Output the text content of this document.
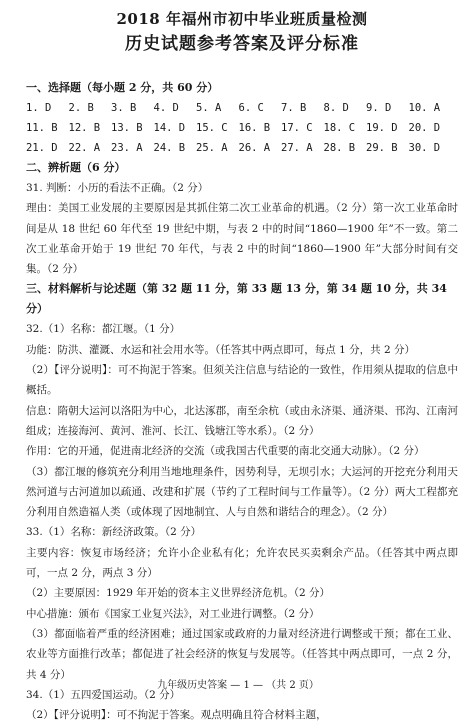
2018 年福州市初中毕业班质量检测
历史试题参考答案及评分标准
一、选择题（每小题 2 分，共 60 分）
1. D	2. B	3. B	4. D	5. A	6. C	7. B	8. D	9. D	10. A
11. B	12. B	13. B	14. D	15. C	16. B	17. C	18. C	19. D	20. D
21. D	22. A	23. A	24. B	25. A	26. A	27. A	28. B	29. B	30. D
二、辨析题（6 分）

31. 判断：小历的看法不正确。（2 分）

理由：美国工业发展的主要原因是其抓住第二次工业革命的机遇。（2 分）第一次工业革命时间是从 18 世纪 60 年代至 19 世纪中期，与表 2 中的时间“1860—1900 年”不一致。第二次工业革命开始于 19 世纪 70 年代，与表 2 中的时间“1860—1900 年”大部分时间有交集。（2 分）

三、材料解析与论述题（第 32 题 11 分，第 33 题 13 分，第 34 题 10 分，共 34 分）

32.（1）名称：都江堰。（1 分）

功能：防洪、灌溉、水运和社会用水等。（任答其中两点即可，每点 1 分，共 2 分）

（2）【评分说明】：可不拘泥于答案。但须关注信息与结论的一致性，作用须从提取的信息中概括。

信息：隋朝大运河以洛阳为中心，北达涿郡，南至余杭（或由永济渠、通济渠、邗沟、江南河组成；连接海河、黄河、淮河、长江、钱塘江等水系）。（2 分）

作用：它的开通，促进南北经济的交流（或我国古代重要的南北交通大动脉）。（2 分）

（3）都江堰的修筑充分利用当地地理条件，因势利导，无坝引水；大运河的开挖充分利用天然河道与古河道加以疏通、改建和扩展（节约了工程时间与工作量等）。（2 分）两大工程都充分利用自然造福人类（或体现了因地制宜、人与自然和谐结合的理念）。（2 分）

33.（1）名称：新经济政策。（2 分）

主要内容：恢复市场经济；允许小企业私有化；允许农民买卖剩余产品。（任答其中两点即可，一点 2 分，两点 3 分）

（2）主要原因：1929 年开始的资本主义世界经济危机。（2 分）

中心措施：颁布《国家工业复兴法》，对工业进行调整。（2 分）

（3）都面临着严重的经济困难；通过国家或政府的力量对经济进行调整或干预；都在工业、农业等方面推行改革；都促进了社会经济的恢复与发展等。（任答其中两点即可，一点 2 分，共 4 分）

34.（1）五四爱国运动。（2 分）

（2）【评分说明】：可不拘泥于答案。观点明确且符合材料主题，

九年级历史答案 — 1 — （共 2 页）
